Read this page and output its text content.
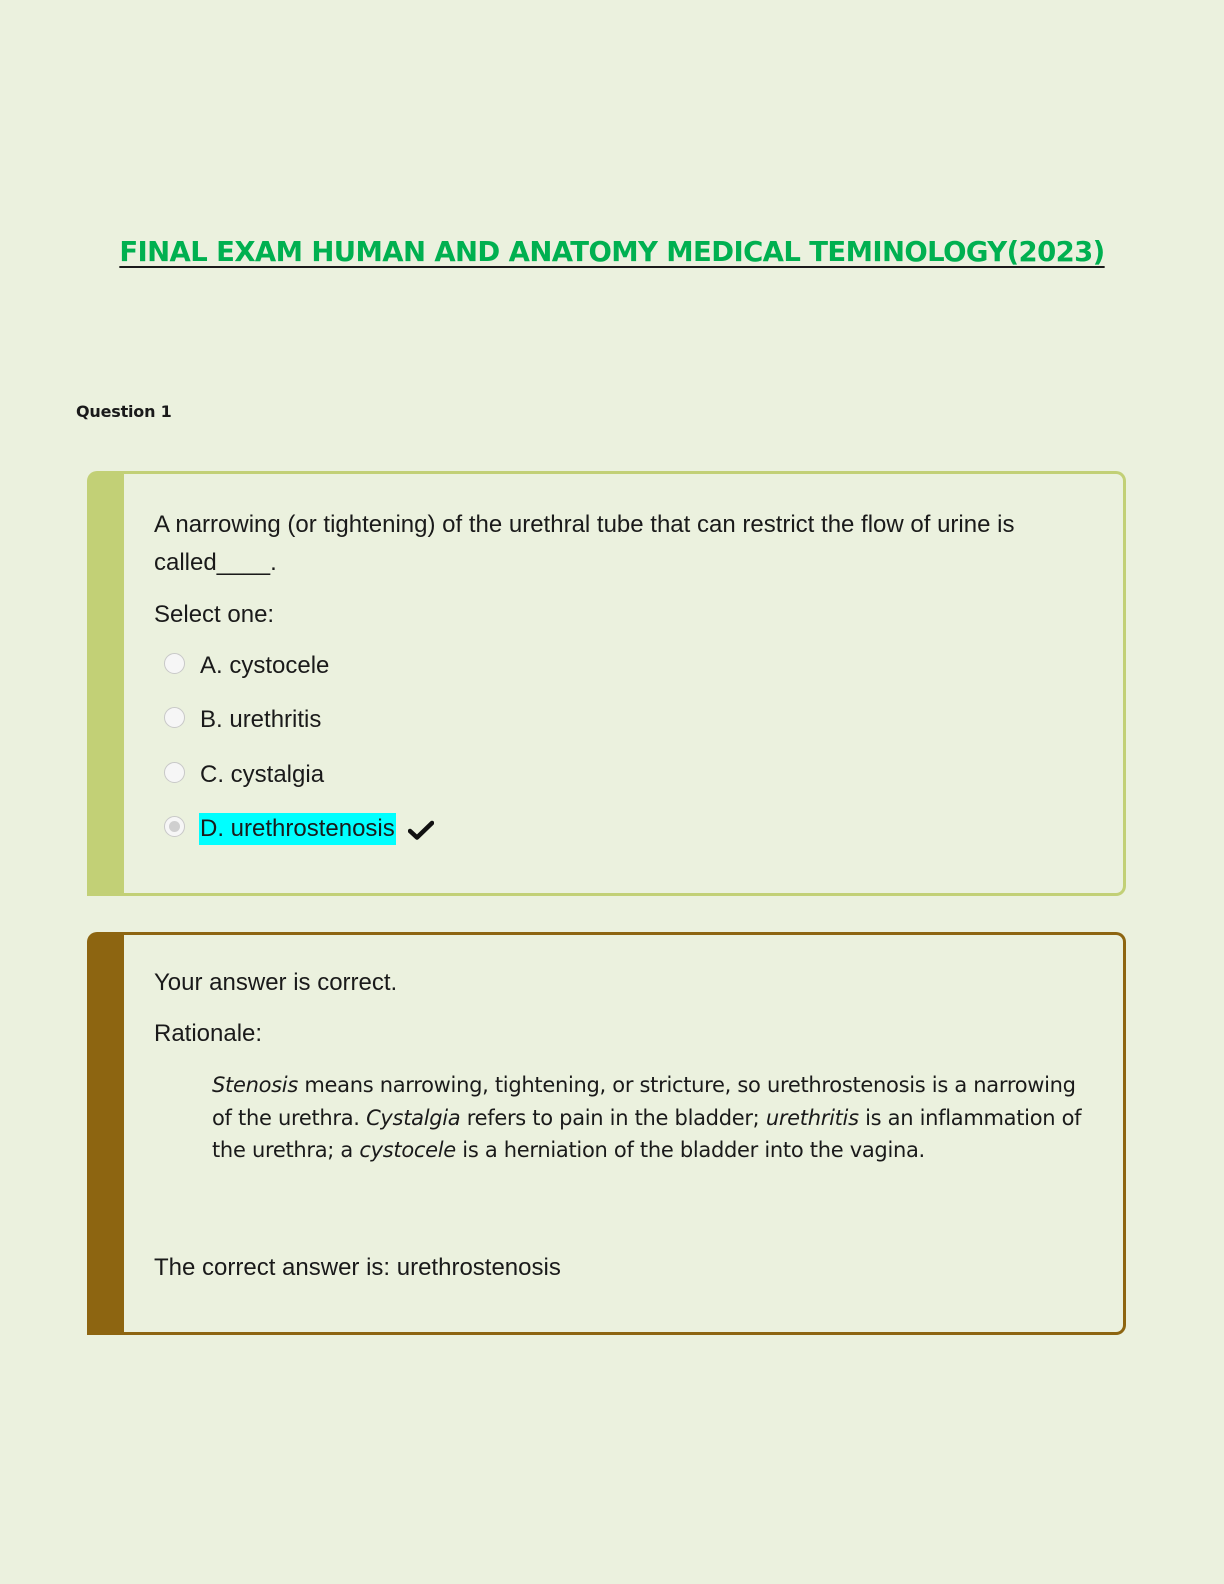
FINAL EXAM HUMAN AND ANATOMY MEDICAL TEMINOLOGY(2023)
Question 1
A narrowing (or tightening) of the urethral tube that can restrict the flow of urine is called____.
Select one:
A. cystocele
B. urethritis
C. cystalgia
D. urethrostenosis
Your answer is correct.
Rationale:
Stenosis means narrowing, tightening, or stricture, so urethrostenosis is a narrowing of the urethra. Cystalgia refers to pain in the bladder; urethritis is an inflammation of the urethra; a cystocele is a herniation of the bladder into the vagina.
The correct answer is: urethrostenosis
